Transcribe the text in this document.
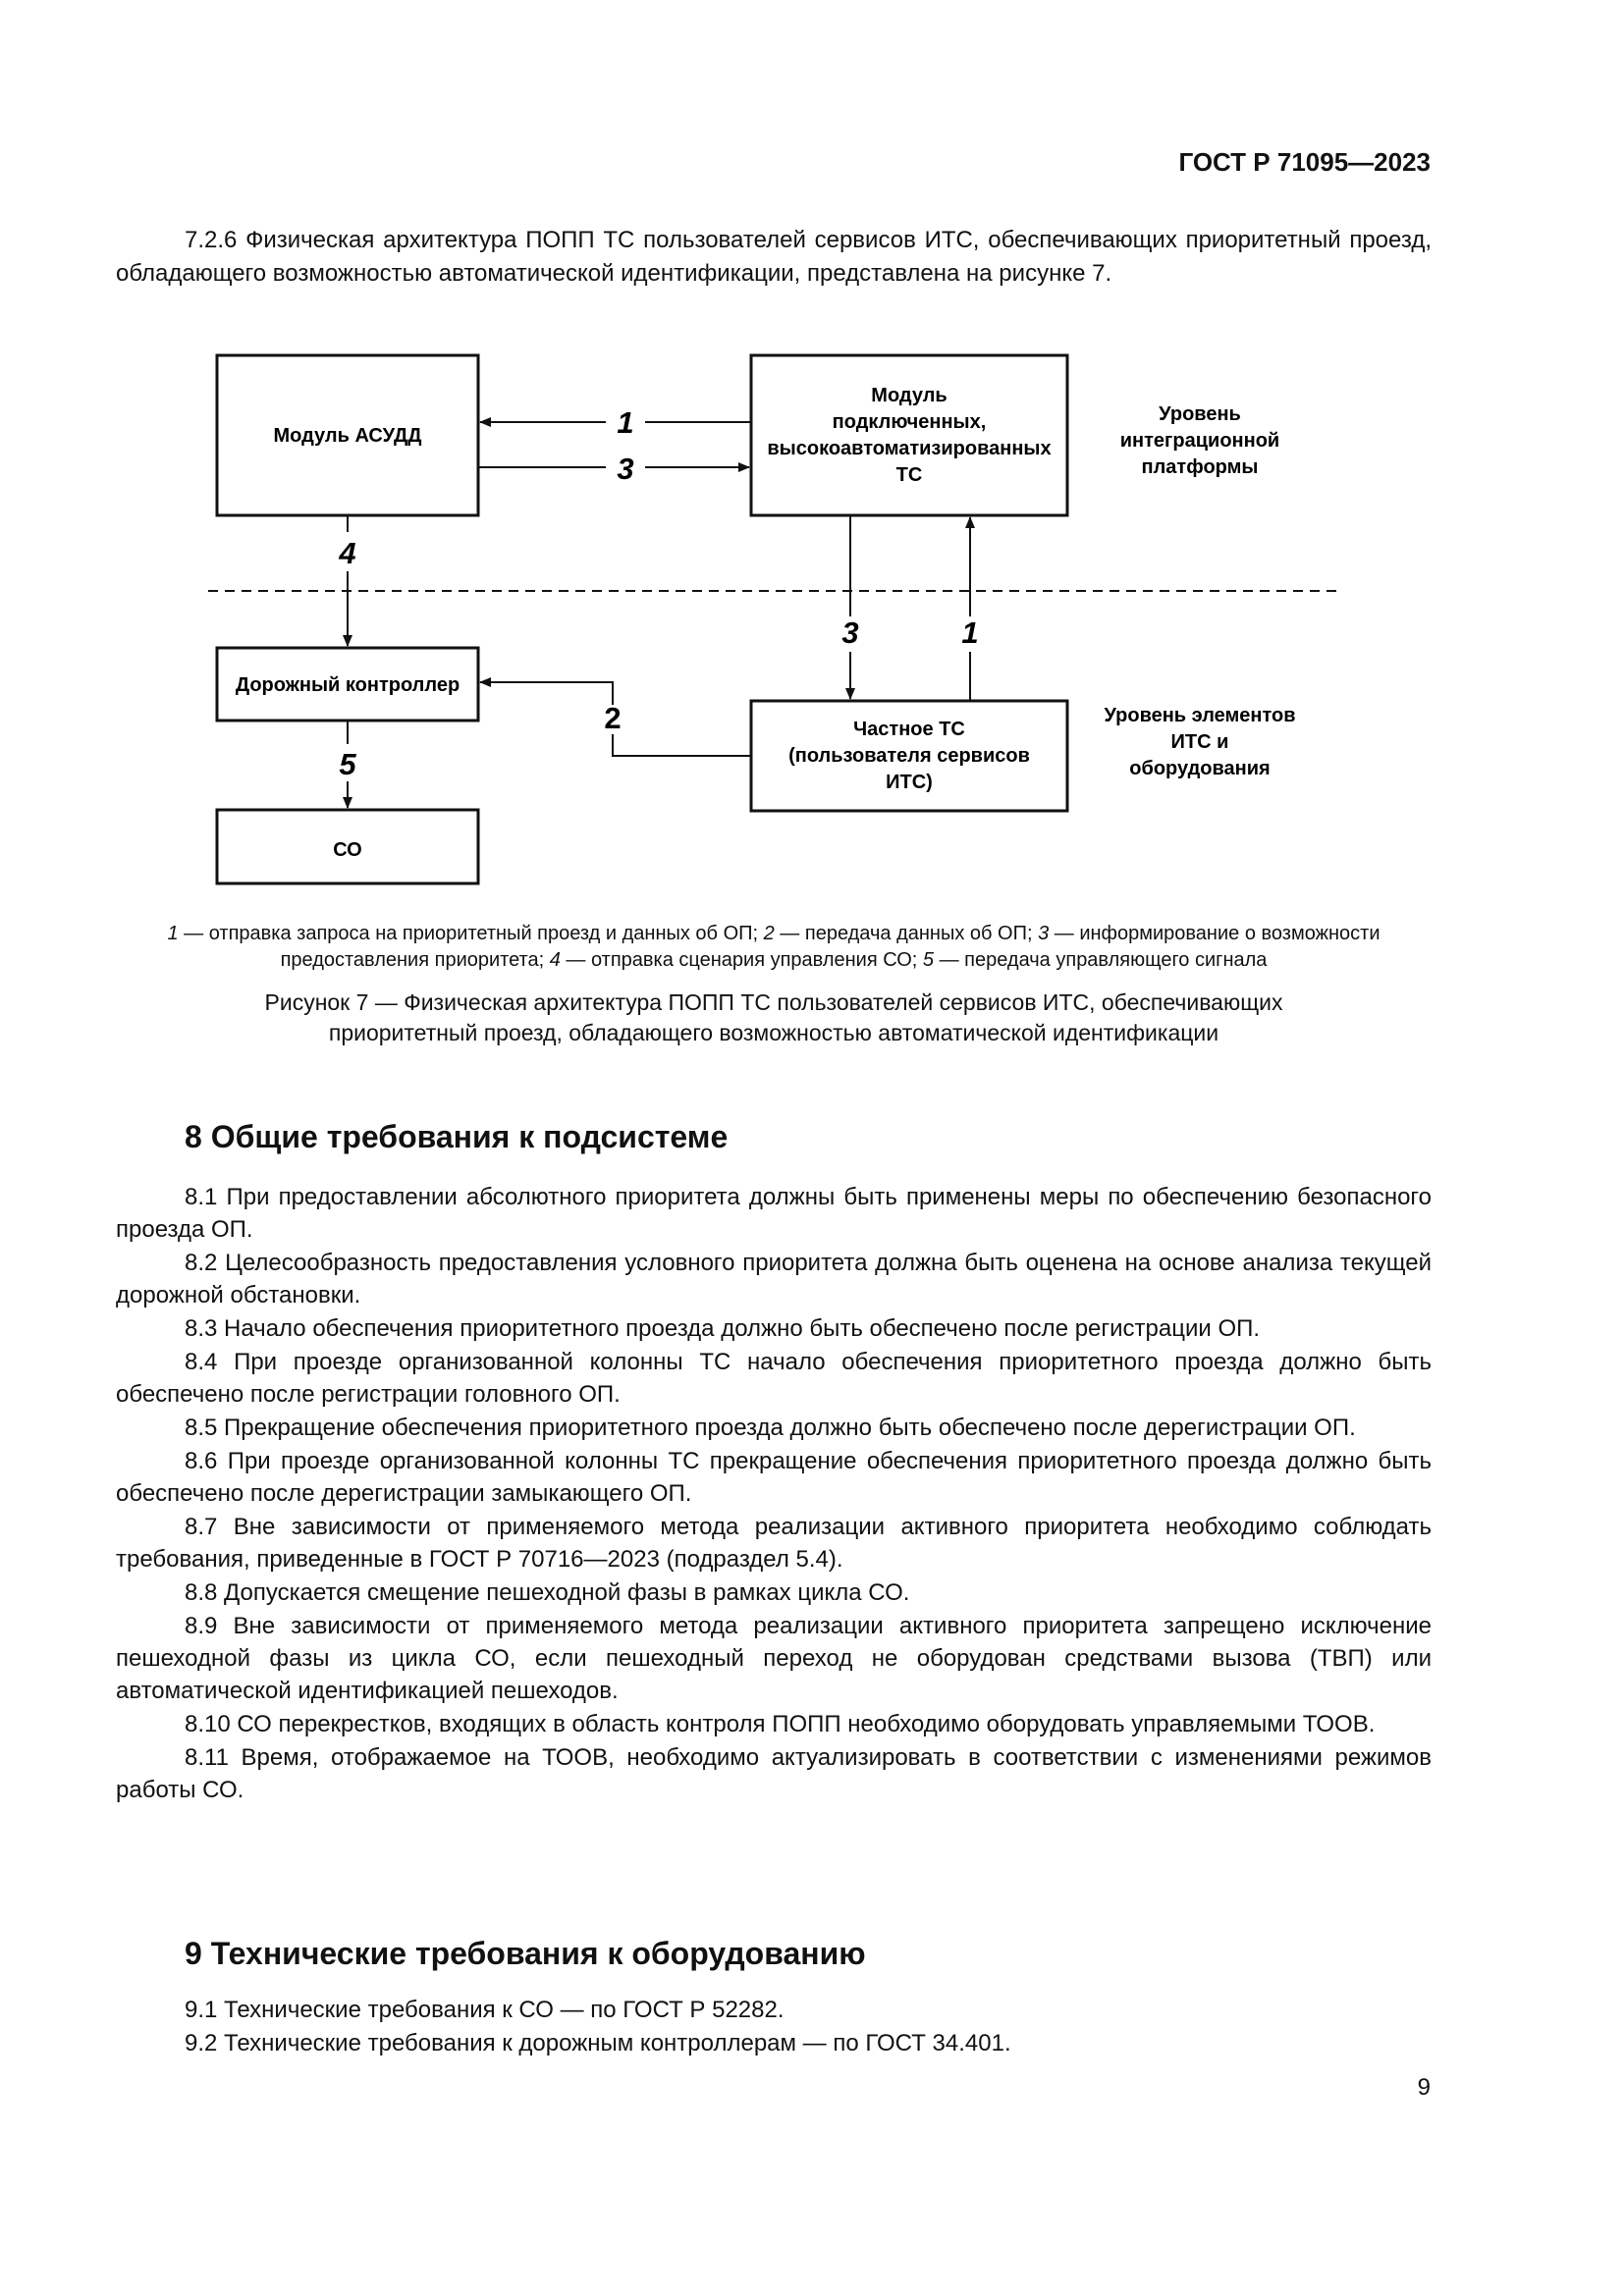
ГОСТ Р 71095—2023

7.2.6 Физическая архитектура ПОПП ТС пользователей сервисов ИТС, обеспечивающих приоритетный проезд, обладающего возможностью автоматической идентификации, представлена на рисунке 7.

Модуль АСУДД
Модуль
подключенных,
высокоавтоматизированных
ТС
Дорожный контроллер
Частное ТС
(пользователя сервисов
ИТС)
СО
Уровень
интеграционной
платформы
Уровень элементов
ИТС и
оборудования
1
3
4
3	1
2
5

1 — отправка запроса на приоритетный проезд и данных об ОП; 2 — передача данных об ОП; 3 — информирование о возможности предоставления приоритета; 4 — отправка сценария управления СО; 5 — передача управляющего сигнала

Рисунок 7 — Физическая архитектура ПОПП ТС пользователей сервисов ИТС, обеспечивающих
приоритетный проезд, обладающего возможностью автоматической идентификации

8 Общие требования к подсистеме

8.1 При предоставлении абсолютного приоритета должны быть применены меры по обеспечению безопасного проезда ОП.

8.2 Целесообразность предоставления условного приоритета должна быть оценена на основе анализа текущей дорожной обстановки.

8.3 Начало обеспечения приоритетного проезда должно быть обеспечено после регистрации ОП.

8.4 При проезде организованной колонны ТС начало обеспечения приоритетного проезда должно быть обеспечено после регистрации головного ОП.

8.5 Прекращение обеспечения приоритетного проезда должно быть обеспечено после дерегистрации ОП.

8.6 При проезде организованной колонны ТС прекращение обеспечения приоритетного проезда должно быть обеспечено после дерегистрации замыкающего ОП.

8.7 Вне зависимости от применяемого метода реализации активного приоритета необходимо соблюдать требования, приведенные в ГОСТ Р 70716—2023 (подраздел 5.4).

8.8 Допускается смещение пешеходной фазы в рамках цикла СО.

8.9 Вне зависимости от применяемого метода реализации активного приоритета запрещено исключение пешеходной фазы из цикла СО, если пешеходный переход не оборудован средствами вызова (ТВП) или автоматической идентификацией пешеходов.

8.10 СО перекрестков, входящих в область контроля ПОПП необходимо оборудовать управляемыми ТООВ.

8.11 Время, отображаемое на ТООВ, необходимо актуализировать в соответствии с изменениями режимов работы СО.

9 Технические требования к оборудованию

9.1 Технические требования к СО — по ГОСТ Р 52282.

9.2 Технические требования к дорожным контроллерам — по ГОСТ 34.401.

9
